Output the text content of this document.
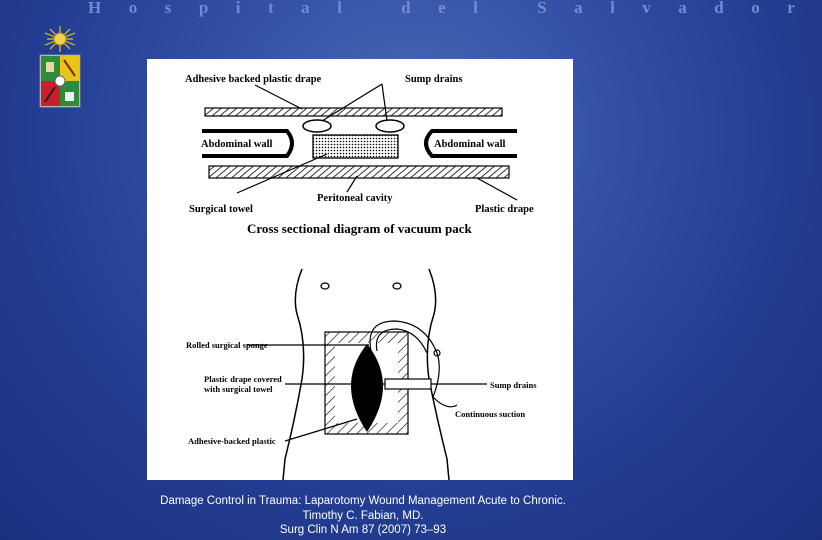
Hospital del Salvador
Adhesive backed plastic drape	Sump drains
Abdominal wall	Abdominal wall
Peritoneal cavity
Surgical towel	Plastic drape
Cross sectional diagram of vacuum pack
Rolled surgical sponge
Plastic drape covered
with surgical towel
Adhesive-backed plastic
Sump drains
Continuous suction
Damage Control in Trauma: Laparotomy Wound Management Acute to Chronic.
Timothy C. Fabian, MD.
Surg Clin N Am 87 (2007) 73–93
